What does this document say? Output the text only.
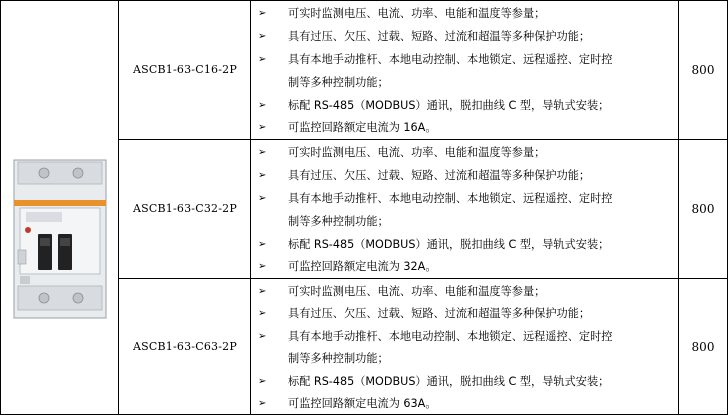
ASCB1-63-C16-2P	800
➢	可实时监测电压、电流、功率、电能和温度等参量；
➢	具有过压、欠压、过载、短路、过流和超温等多种保护功能；
➢	具有本地手动推杆、本地电动控制、本地锁定、远程遥控、定时控
制等多种控制功能；
➢	标配 RS-485（MODBUS）通讯，脱扣曲线 C 型，导轨式安装；
➢	可监控回路额定电流为 16A。
ASCB1-63-C32-2P	800
➢	可实时监测电压、电流、功率、电能和温度等参量；
➢	具有过压、欠压、过载、短路、过流和超温等多种保护功能；
➢	具有本地手动推杆、本地电动控制、本地锁定、远程遥控、定时控
制等多种控制功能；
➢	标配 RS-485（MODBUS）通讯，脱扣曲线 C 型，导轨式安装；
➢	可监控回路额定电流为 32A。
ASCB1-63-C63-2P	800
➢	可实时监测电压、电流、功率、电能和温度等参量；
➢	具有过压、欠压、过载、短路、过流和超温等多种保护功能；
➢	具有本地手动推杆、本地电动控制、本地锁定、远程遥控、定时控
制等多种控制功能；
➢	标配 RS-485（MODBUS）通讯，脱扣曲线 C 型，导轨式安装；
➢	可监控回路额定电流为 63A。
